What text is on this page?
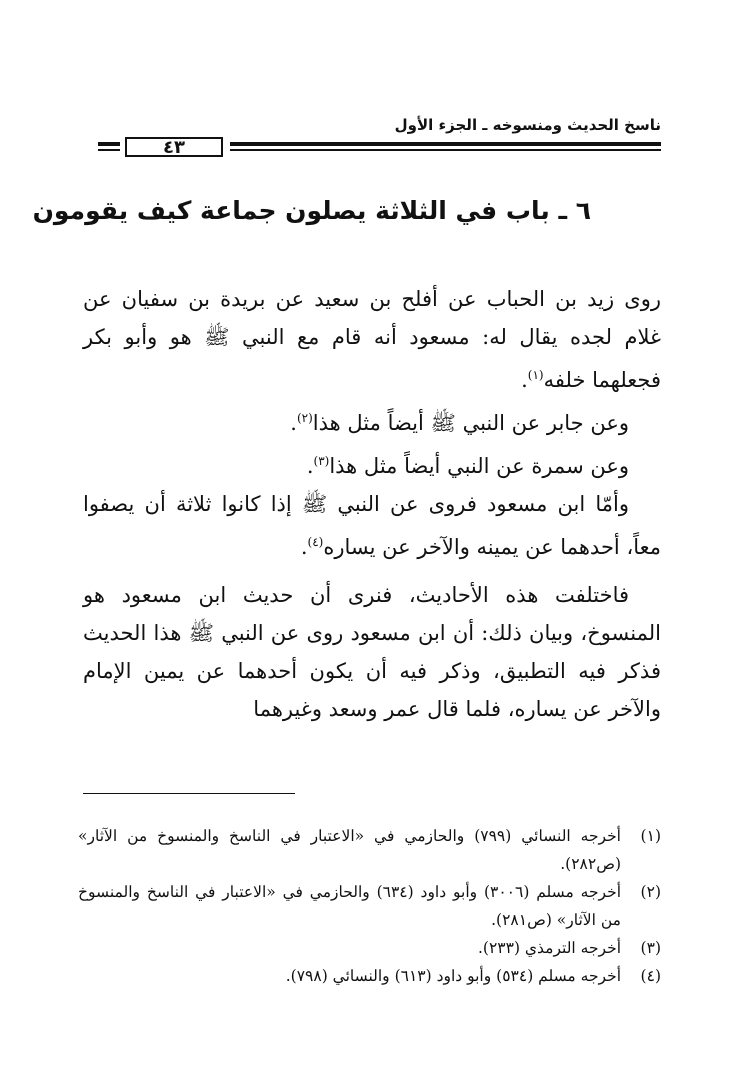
ناسخ الحديث ومنسوخه ـ الجزء الأول
٤٣
٦ ـ باب في الثلاثة يصلون جماعة كيف يقومون

روى زيد بن الحباب عن أفلح بن سعيد عن بريدة بن سفيان عن غلام لجده يقال له: مسعود أنه قام مع النبي ﷺ هو وأبو بكر فجعلهما خلفه$^{(١)}$.

وعن جابر عن النبي ﷺ أيضاً مثل هذا$^{(٢)}$.

وعن سمرة عن النبي أيضاً مثل هذا$^{(٣)}$.

وأمّا ابن مسعود فروى عن النبي ﷺ إذا كانوا ثلاثة أن يصفوا معاً، أحدهما عن يمينه والآخر عن يساره$^{(٤)}$.

فاختلفت هذه الأحاديث، فنرى أن حديث ابن مسعود هو المنسوخ، وبيان ذلك: أن ابن مسعود روى عن النبي ﷺ هذا الحديث فذكر فيه التطبيق، وذكر فيه أن يكون أحدهما عن يمين الإمام والآخر عن يساره، فلما قال عمر وسعد وغيرهما

(١)
أخرجه النسائي (٧٩٩) والحازمي في «الاعتبار في الناسخ والمنسوخ من الآثار» (ص٢٨٢).
(٢)
أخرجه مسلم (٣٠٠٦) وأبو داود (٦٣٤) والحازمي في «الاعتبار في الناسخ والمنسوخ من الآثار» (ص٢٨١).
(٣)
أخرجه الترمذي (٢٣٣).
(٤)
أخرجه مسلم (٥٣٤) وأبو داود (٦١٣) والنسائي (٧٩٨).
